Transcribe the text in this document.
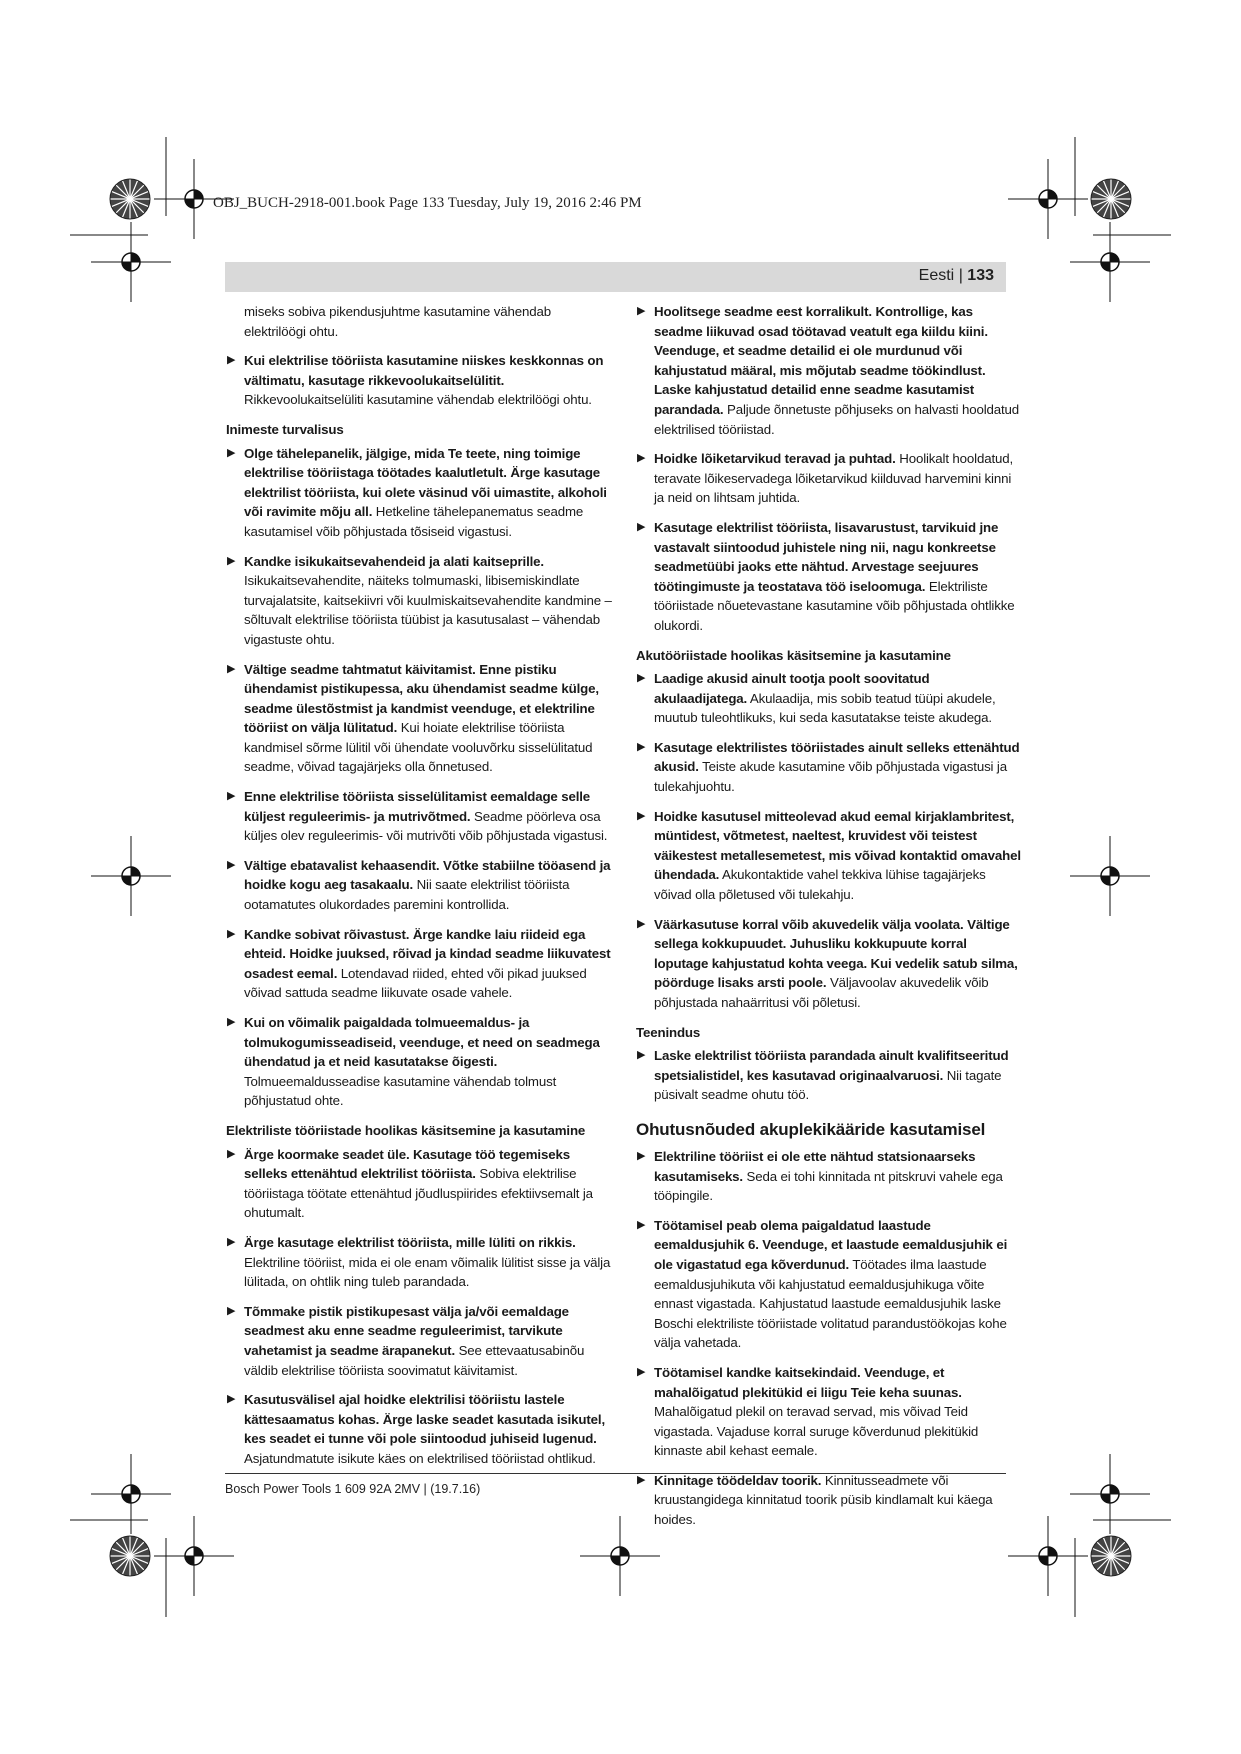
OBJ_BUCH-2918-001.book Page 133 Tuesday, July 19, 2016 2:46 PM
Eesti | 133

miseks sobiva pikendusjuhtme kasutamine vähendab elektrilöögi ohtu.

▶ Kui elektrilise tööriista kasutamine niiskes keskkonnas on vältimatu, kasutage rikkevoolukaitselülitit. Rikkevoolukaitselüliti kasutamine vähendab elektrilöögi ohtu.

Inimeste turvalisus

▶ Olge tähelepanelik, jälgige, mida Te teete, ning toimige elektrilise tööriistaga töötades kaalutletult. Ärge kasutage elektrilist tööriista, kui olete väsinud või uimastite, alkoholi või ravimite mõju all. Hetkeline tähelepanematus seadme kasutamisel võib põhjustada tõsiseid vigastusi.

▶ Kandke isikukaitsevahendeid ja alati kaitseprille. Isikukaitsevahendite, näiteks tolmumaski, libisemiskindlate turvajalatsite, kaitsekiivri või kuulmiskaitsevahendite kandmine – sõltuvalt elektrilise tööriista tüübist ja kasutusalast – vähendab vigastuste ohtu.

▶ Vältige seadme tahtmatut käivitamist. Enne pistiku ühendamist pistikupessa, aku ühendamist seadme külge, seadme ülestõstmist ja kandmist veenduge, et elektriline tööriist on välja lülitatud. Kui hoiate elektrilise tööriista kandmisel sõrme lülitil või ühendate vooluvõrku sisselülitatud seadme, võivad tagajärjeks olla õnnetused.

▶ Enne elektrilise tööriista sisselülitamist eemaldage selle küljest reguleerimis- ja mutrivõtmed. Seadme pöörleva osa küljes olev reguleerimis- või mutrivõti võib põhjustada vigastusi.

▶ Vältige ebatavalist kehaasendit. Võtke stabiilne tööasend ja hoidke kogu aeg tasakaalu. Nii saate elektrilist tööriista ootamatutes olukordades paremini kontrollida.

▶ Kandke sobivat rõivastust. Ärge kandke laiu riideid ega ehteid. Hoidke juuksed, rõivad ja kindad seadme liikuvatest osadest eemal. Lotendavad riided, ehted või pikad juuksed võivad sattuda seadme liikuvate osade vahele.

▶ Kui on võimalik paigaldada tolmueemaldus- ja tolmukogumisseadiseid, veenduge, et need on seadmega ühendatud ja et neid kasutatakse õigesti. Tolmueemaldusseadise kasutamine vähendab tolmust põhjustatud ohte.

Elektriliste tööriistade hoolikas käsitsemine ja kasutamine

▶ Ärge koormake seadet üle. Kasutage töö tegemiseks selleks ettenähtud elektrilist tööriista. Sobiva elektrilise tööriistaga töötate ettenähtud jõudluspiirides efektiivsemalt ja ohutumalt.

▶ Ärge kasutage elektrilist tööriista, mille lüliti on rikkis. Elektriline tööriist, mida ei ole enam võimalik lülitist sisse ja välja lülitada, on ohtlik ning tuleb parandada.

▶ Tõmmake pistik pistikupesast välja ja/või eemaldage seadmest aku enne seadme reguleerimist, tarvikute vahetamist ja seadme ärapanekut. See ettevaatusabinõu väldib elektrilise tööriista soovimatut käivitamist.

▶ Kasutusvälisel ajal hoidke elektrilisi tööriistu lastele kättesaamatus kohas. Ärge laske seadet kasutada isikutel, kes seadet ei tunne või pole siintoodud juhiseid lugenud. Asjatundmatute isikute käes on elektrilised tööriistad ohtlikud.

▶ Hoolitsege seadme eest korralikult. Kontrollige, kas seadme liikuvad osad töötavad veatult ega kiildu kiini. Veenduge, et seadme detailid ei ole murdunud või kahjustatud määral, mis mõjutab seadme töökindlust. Laske kahjustatud detailid enne seadme kasutamist parandada. Paljude õnnetuste põhjuseks on halvasti hooldatud elektrilised tööriistad.

▶ Hoidke lõiketarvikud teravad ja puhtad. Hoolikalt hooldatud, teravate lõikeservadega lõiketarvikud kiilduvad harvemini kinni ja neid on lihtsam juhtida.

▶ Kasutage elektrilist tööriista, lisavarustust, tarvikuid jne vastavalt siintoodud juhistele ning nii, nagu konkreetse seadmetüübi jaoks ette nähtud. Arvestage seejuures töötingimuste ja teostatava töö iseloomuga. Elektriliste tööriistade nõuetevastane kasutamine võib põhjustada ohtlikke olukordi.

Akutööriistade hoolikas käsitsemine ja kasutamine

▶ Laadige akusid ainult tootja poolt soovitatud akulaadijatega. Akulaadija, mis sobib teatud tüüpi akudele, muutub tuleohtlikuks, kui seda kasutatakse teiste akudega.

▶ Kasutage elektrilistes tööriistades ainult selleks ettenähtud akusid. Teiste akude kasutamine võib põhjustada vigastusi ja tulekahjuohtu.

▶ Hoidke kasutusel mitteolevad akud eemal kirjaklambritest, müntidest, võtmetest, naeltest, kruvidest või teistest väikestest metallesemetest, mis võivad kontaktid omavahel ühendada. Akukontaktide vahel tekkiva lühise tagajärjeks võivad olla põletused või tulekahju.

▶ Väärkasutuse korral võib akuvedelik välja voolata. Vältige sellega kokkupuudet. Juhusliku kokkupuute korral loputage kahjustatud kohta veega. Kui vedelik satub silma, pöörduge lisaks arsti poole. Väljavoolav akuvedelik võib põhjustada nahaärritusi või põletusi.

Teenindus

▶ Laske elektrilist tööriista parandada ainult kvalifitseeritud spetsialistidel, kes kasutavad originaalvaruosi. Nii tagate püsivalt seadme ohutu töö.

Ohutusnõuded akuplekikääride kasutamisel

▶ Elektriline tööriist ei ole ette nähtud statsionaarseks kasutamiseks. Seda ei tohi kinnitada nt pitskruvi vahele ega tööpingile.

▶ Töötamisel peab olema paigaldatud laastude eemaldusjuhik 6. Veenduge, et laastude eemaldusjuhik ei ole vigastatud ega kõverdunud. Töötades ilma laastude eemaldusjuhikuta või kahjustatud eemaldusjuhikuga võite ennast vigastada. Kahjustatud laastude eemaldusjuhik laske Boschi elektriliste tööriistade volitatud parandustöökojas kohe välja vahetada.

▶ Töötamisel kandke kaitsekindaid. Veenduge, et mahalõigatud plekitükid ei liigu Teie keha suunas. Mahalõigatud plekil on teravad servad, mis võivad Teid vigastada. Vajaduse korral suruge kõverdunud plekitükid kinnaste abil kehast eemale.

▶ Kinnitage töödeldav toorik. Kinnitusseadmete või kruustangidega kinnitatud toorik püsib kindlamalt kui käega hoides.

Bosch Power Tools 1 609 92A 2MV | (19.7.16)
